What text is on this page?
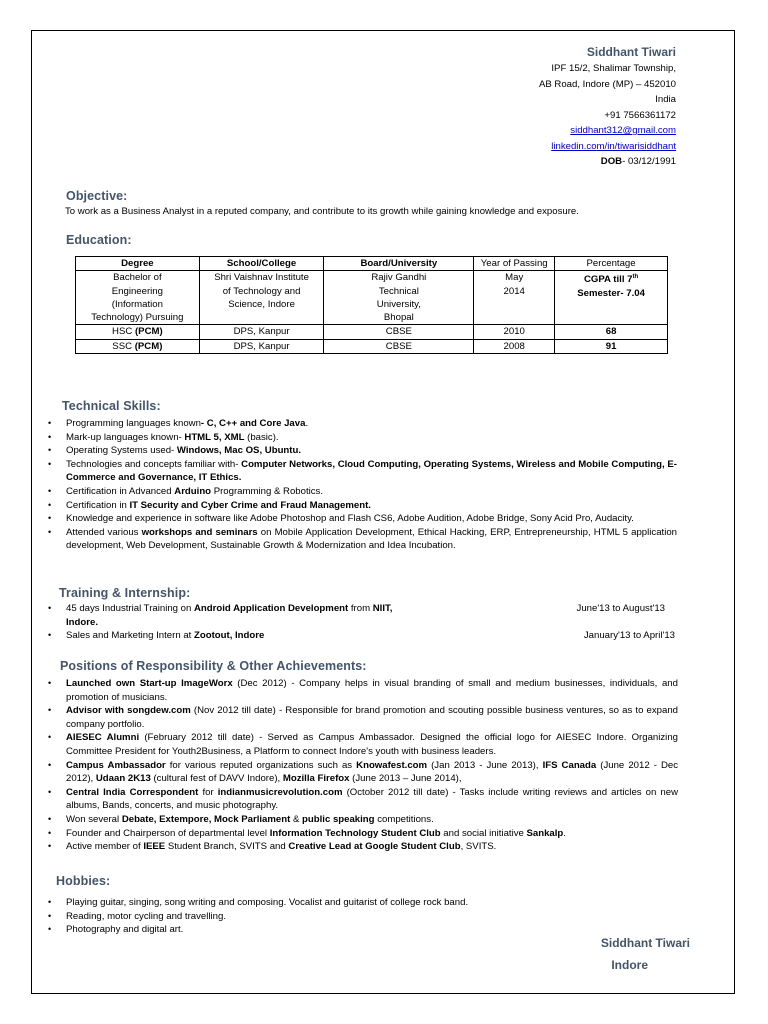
Siddhant Tiwari
IPF 15/2, Shalimar Township,
AB Road, Indore (MP) – 452010
India
+91 7566361172
siddhant312@gmail.com
linkedin.com/in/tiwarisiddhant
DOB- 03/12/1991
Objective:
To work as a Business Analyst in a reputed company, and contribute to its growth while gaining knowledge and exposure.
Education:
Degree	School/College	Board/University	Year of Passing	Percentage
Bachelor of Engineering (Information Technology) Pursuing	Shri Vaishnav Institute of Technology and Science, Indore	Rajiv Gandhi Technical University, Bhopal	May 2014	CGPA till 7th Semester- 7.04
HSC (PCM)	DPS, Kanpur	CBSE	2010	68
SSC (PCM)	DPS, Kanpur	CBSE	2008	91
Technical Skills:
• Programming languages known- C, C++ and Core Java.
• Mark-up languages known- HTML 5, XML (basic).
• Operating Systems used- Windows, Mac OS, Ubuntu.
• Technologies and concepts familiar with- Computer Networks, Cloud Computing, Operating Systems, Wireless and Mobile Computing, E-Commerce and Governance, IT Ethics.
• Certification in Advanced Arduino Programming & Robotics.
• Certification in IT Security and Cyber Crime and Fraud Management.
• Knowledge and experience in software like Adobe Photoshop and Flash CS6, Adobe Audition, Adobe Bridge, Sony Acid Pro, Audacity.
• Attended various workshops and seminars on Mobile Application Development, Ethical Hacking, ERP, Entrepreneurship, HTML 5 application development, Web Development, Sustainable Growth & Modernization and Idea Incubation.
Training & Internship:
• 45 days Industrial Training on Android Application Development from NIIT, Indore.
June'13 to August'13
• Sales and Marketing Intern at Zootout, Indore	January'13 to April'13
Positions of Responsibility & Other Achievements:
• Launched own Start-up ImageWorx (Dec 2012) - Company helps in visual branding of small and medium businesses, individuals, and promotion of musicians.
• Advisor with songdew.com (Nov 2012 till date) - Responsible for brand promotion and scouting possible business ventures, so as to expand company portfolio.
• AIESEC Alumni (February 2012 till date) - Served as Campus Ambassador. Designed the official logo for AIESEC Indore. Organizing Committee President for Youth2Business, a Platform to connect Indore's youth with business leaders.
• Campus Ambassador for various reputed organizations such as Knowafest.com (Jan 2013 - June 2013), IFS Canada (June 2012 - Dec 2012), Udaan 2K13 (cultural fest of DAVV Indore), Mozilla Firefox (June 2013 – June 2014),
• Central India Correspondent for indianmusicrevolution.com (October 2012 till date) - Tasks include writing reviews and articles on new albums, Bands, concerts, and music photography.
• Won several Debate, Extempore, Mock Parliament & public speaking competitions.
• Founder and Chairperson of departmental level Information Technology Student Club and social initiative Sankalp.
• Active member of IEEE Student Branch, SVITS and Creative Lead at Google Student Club, SVITS.
Hobbies:
• Playing guitar, singing, song writing and composing. Vocalist and guitarist of college rock band.
• Reading, motor cycling and travelling.
• Photography and digital art.
Siddhant Tiwari
Indore
